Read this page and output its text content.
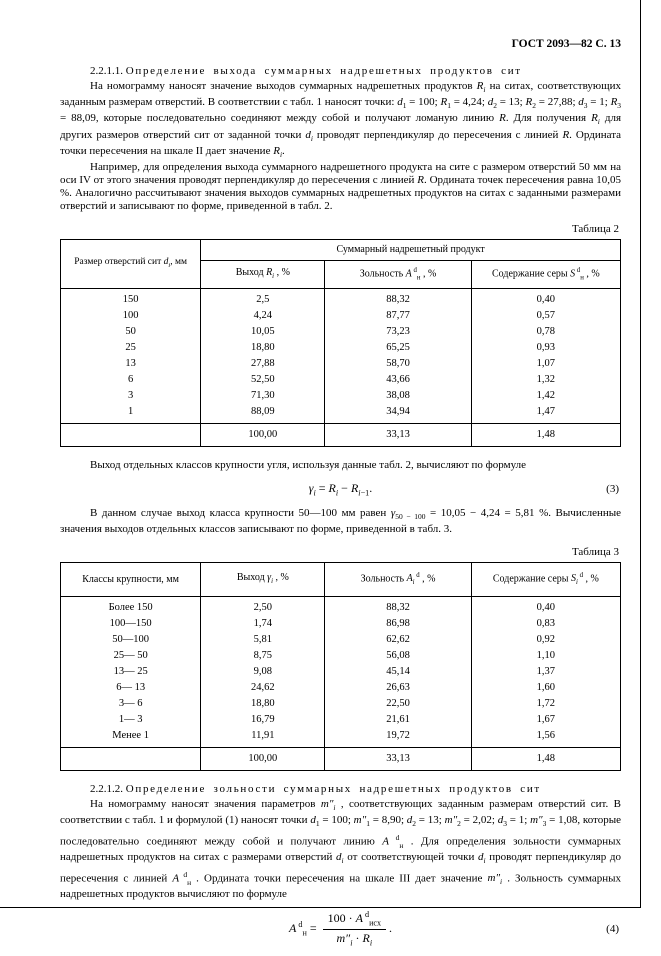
ГОСТ 2093—82 С. 13

2.2.1.1. Определение выхода суммарных надрешетных продуктов сит

На номограмму наносят значение выходов суммарных надрешетных продуктов $R_i$ на ситах, соответствующих заданным размерам отверстий. В соответствии с табл. 1 наносят точки: $d_1 = 100$; $R_1 = 4,24$; $d_2 = 13$; $R_2 = 27,88$; $d_3 = 1$; $R_3 = 88,09$, которые последовательно соединяют между собой и получают ломаную линию R. Для получения $R_i$ для других размеров отверстий сит от заданной точки $d_i$ проводят перпендикуляр до пересечения с линией R. Ордината точки пересечения на шкале II дает значение $R_i$.

Например, для определения выхода суммарного надрешетного продукта на сите с размером отверстий 50 мм на оси IV от этого значения проводят перпендикуляр до пересечения с линией R. Ордината точек пересечения равна 10,05 %. Аналогично рассчитывают значения выходов суммарных надрешетных продуктов на ситах с заданными размерами отверстий и записывают по форме, приведенной в табл. 2.

Таблица 2
Размер отверстий сит $d_i$, мм	Суммарный надрешетный продукт		
	Выход $R_i$ , %	Зольность A $^d_н$ , %	Содержание серы S $^d_н$ , %
150	2,5	88,32	0,40
100	4,24	87,77	0,57
50	10,05	73,23	0,78
25	18,80	65,25	0,93
13	27,88	58,70	1,07
6	52,50	43,66	1,32
3	71,30	38,08	1,42
1	88,09	34,94	1,47
	100,00	33,13	1,48

Выход отдельных классов крупности угля, используя данные табл. 2, вычисляют по формуле

$\gamma_i = R_i - R_{i-1}$.	(3)

В данном случае выход класса крупности 50—100 мм равен $\gamma_{50 - 100} = 10,05 - 4,24 = 5,81$ %. Вычисленные значения выходов отдельных классов записывают по форме, приведенной в табл. 3.

Таблица 3
Классы крупности, мм	Выход $\gamma_i$ , %	Зольность $A_i$ $^d$ , %	Содержание серы $S_i$ $^d$ , %
Более 150	2,50	88,32	0,40
100—150	1,74	86,98	0,83
50—100	5,81	62,62	0,92
25— 50	8,75	56,08	1,10
13— 25	9,08	45,14	1,37
6— 13	24,62	26,63	1,60
3— 6	18,80	22,50	1,72
1— 3	16,79	21,61	1,67
Менее 1	11,91	19,72	1,56
	100,00	33,13	1,48

2.2.1.2. Определение зольности суммарных надрешетных продуктов сит

На номограмму наносят значения параметров $m''_i$ , соответствующих заданным размерам отверстий сит. В соответствии с табл. 1 и формулой (1) наносят точки $d_1 = 100$; $m''_1 = 8,90$; $d_2 = 13$; $m''_2 = 2,02$; $d_3 = 1$; $m''_3 = 1,08$, которые последовательно соединяют между собой и получают линию A $^d_н$ . Для определения зольности суммарных надрешетных продуктов на ситах с размерами отверстий $d_i$ от соответствующей точки $d_i$ проводят перпендикуляр до пересечения с линией A $^d_н$ . Ордината точки пересечения на шкале III дает значение $m''_i$ . Зольность суммарных надрешетных продуктов вычисляют по формуле

A $^d_н = \frac{100 \cdot A ^d_{исх}}{m''_i \cdot R_i}$ .	(4)
